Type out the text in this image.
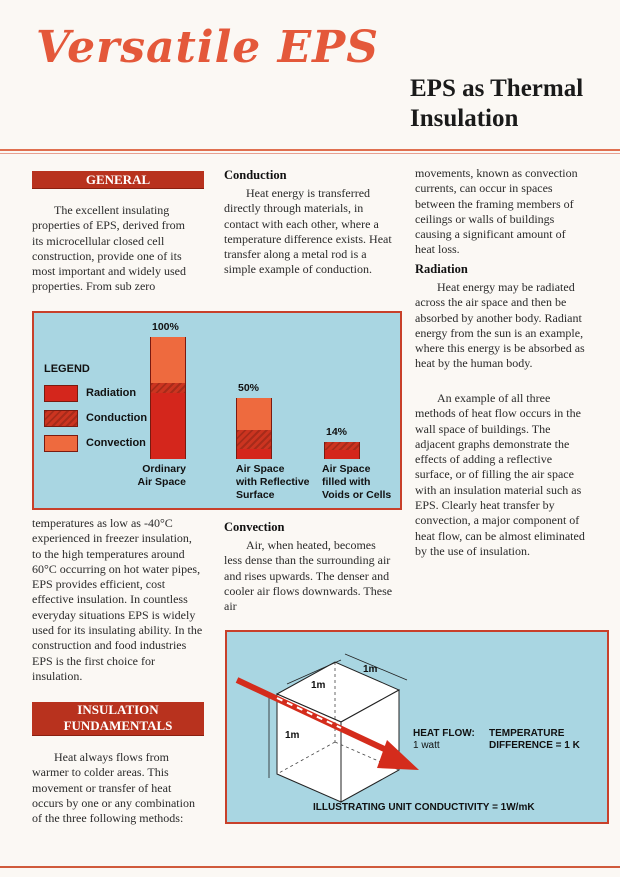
Versatile EPS
EPS as Thermal Insulation
GENERAL

The excellent insulating properties of EPS, derived from its microcellular closed cell construction, provide one of its most important and widely used properties. From sub zero

Conduction

Heat energy is transferred directly through materials, in contact with each other, where a temperature difference exists. Heat transfer along a metal rod is a simple example of conduction.

movements, known as convection currents, can occur in spaces between the framing members of ceilings or walls of buildings causing a significant amount of heat loss.

Radiation

Heat energy may be radiated across the air space and then be absorbed by another body. Radiant energy from the sun is an example, where this energy is be absorbed as heat by the human body.

An example of all three methods of heat flow occurs in the wall space of buildings. The adjacent graphs demonstrate the effects of adding a reflective surface, or of filling the air space with an insulation material such as EPS. Clearly heat transfer by convection, a major component of heat flow, can be almost eliminated by the use of insulation.

LEGEND
Radiation
Conduction
Convection
100%
Ordinary
Air Space
50%
Air Space
with Reflective
Surface
14%
Air Space
filled with
Voids or Cells

temperatures as low as -40°C experienced in freezer insulation, to the high temperatures around 60°C occurring on hot water pipes, EPS provides efficient, cost effective insulation. In countless everyday situations EPS is widely used for its insulating ability. In the construction and food industries EPS is the first choice for insulation.

INSULATION
FUNDAMENTALS

Heat always flows from warmer to colder areas. This movement or transfer of heat occurs by one or any combination of the three following methods:

Convection

Air, when heated, becomes less dense than the surrounding air and rises upwards. The denser and cooler air flows downwards. These air

1m
1m
1m	HEAT FLOW:
1 watt
TEMPERATURE
DIFFERENCE = 1 K
ILLUSTRATING UNIT CONDUCTIVITY = 1W/mK
